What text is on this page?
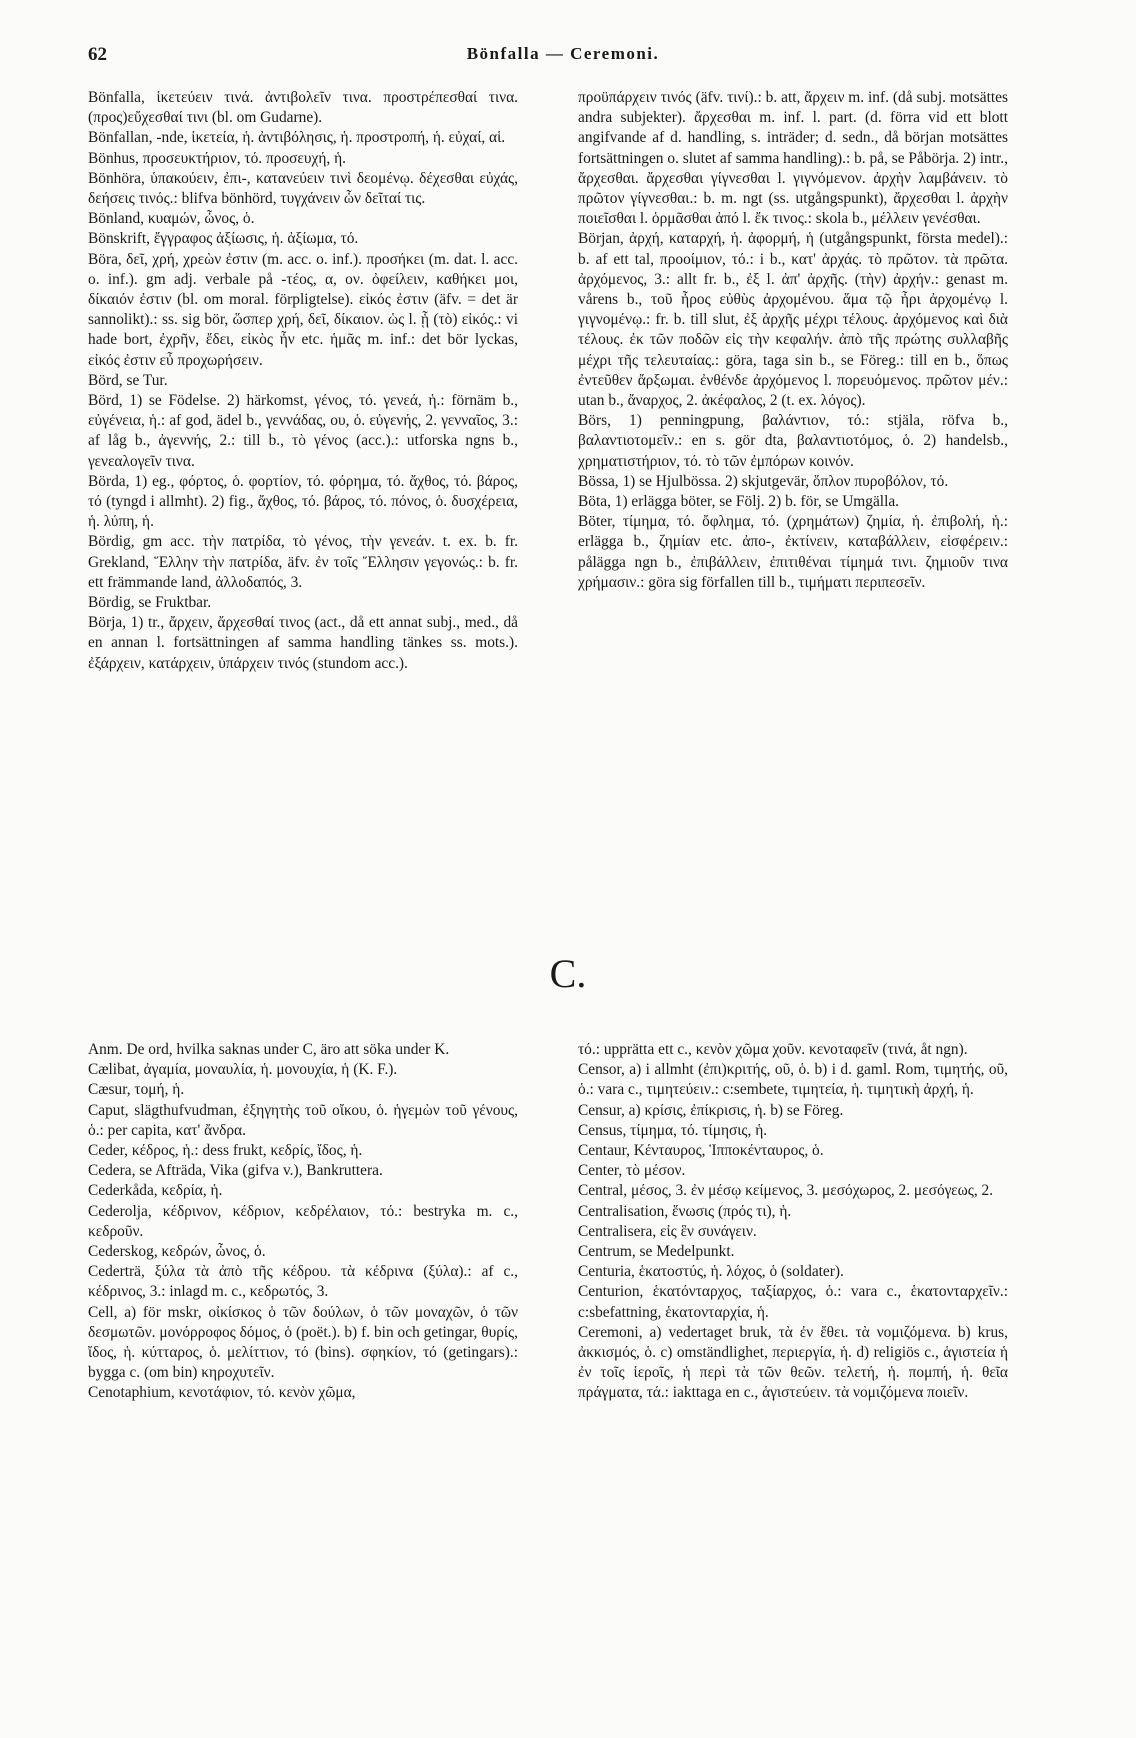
62	Bönfalla — Ceremoni.

Bönfalla, ἱκετεύειν τινά. ἀντιβολεῖν τινα. προστρέπεσθαί τινα. (προς)εὔχεσθαί τινι (bl. om Gudarne).

Bönfallan, -nde, ἱκετεία, ἡ. ἀντιβόλησις, ἡ. προστροπή, ἡ. εὐχαί, αἱ.

Bönhus, προσευκτήριον, τό. προσευχή, ἡ.

Bönhöra, ὑπακούειν, ἐπι-, κατανεύειν τινὶ δεομένῳ. δέχεσθαι εὐχάς, δεήσεις τινός.: blifva bönhörd, τυγχάνειν ὧν δεῖταί τις.

Bönland, κυαμών, ὦνος, ὁ.

Bönskrift, ἔγγραφος ἀξίωσις, ἡ. ἀξίωμα, τό.

Böra, δεῖ, χρή, χρεὼν ἐστιν (m. acc. o. inf.). προσήκει (m. dat. l. acc. o. inf.). gm adj. verbale på -τέος, α, ον. ὀφείλειν, καθήκει μοι, δίκαιόν ἐστιν (bl. om moral. förpligtelse). εἰκός ἐστιν (äfv. = det är sannolikt).: ss. sig bör, ὥσπερ χρή, δεῖ, δίκαιον. ὡς l. ᾗ (τὸ) εἰκός.: vi hade bort, ἐχρῆν, ἔδει, εἰκὸς ἦν etc. ἡμᾶς m. inf.: det bör lyckas, εἰκός ἐστιν εὖ προχωρήσειν.

Börd, se Tur.

Börd, 1) se Födelse. 2) härkomst, γένος, τό. γενεά, ἡ.: förnäm b., εὐγένεια, ἡ.: af god, ädel b., γεννάδας, ου, ὁ. εὐγενής, 2. γενναῖος, 3.: af låg b., ἀγεννής, 2.: till b., τὸ γένος (acc.).: utforska ngns b., γενεαλογεῖν τινα.

Börda, 1) eg., φόρτος, ὁ. φορτίον, τό. φόρημα, τό. ἄχθος, τό. βάρος, τό (tyngd i allmht). 2) fig., ἄχθος, τό. βάρος, τό. πόνος, ὁ. δυσχέρεια, ἡ. λύπη, ἡ.

Bördig, gm acc. τὴν πατρίδα, τὸ γένος, τὴν γενεάν. t. ex. b. fr. Grekland, Ἕλλην τὴν πατρίδα, äfv. ἐν τοῖς Ἕλλησιν γεγονώς.: b. fr. ett främmande land, ἀλλοδαπός, 3.

Bördig, se Fruktbar.

Börja, 1) tr., ἄρχειν, ἄρχεσθαί τινος (act., då ett annat subj., med., då en annan l. fortsättningen af samma handling tänkes ss. mots.). ἐξάρχειν, κατάρχειν, ὑπάρχειν τινός (stundom acc.).

προϋπάρχειν τινός (äfv. τινί).: b. att, ἄρχειν m. inf. (då subj. motsättes andra subjekter). ἄρχεσθαι m. inf. l. part. (d. förra vid ett blott angifvande af d. handling, s. inträder; d. sedn., då början motsättes fortsättningen o. slutet af samma handling).: b. på, se Påbörja. 2) intr., ἄρχεσθαι. ἄρχεσθαι γίγνεσθαι l. γιγνόμενον. ἀρχὴν λαμβάνειν. τὸ πρῶτον γίγνεσθαι.: b. m. ngt (ss. utgångspunkt), ἄρχεσθαι l. ἀρχὴν ποιεῖσθαι l. ὁρμᾶσθαι ἀπό l. ἔκ τινος.: skola b., μέλλειν γενέσθαι.

Början, ἀρχή, καταρχή, ἡ. ἀφορμή, ἡ (utgångspunkt, första medel).: b. af ett tal, προοίμιον, τό.: i b., κατ' ἀρχάς. τὸ πρῶτον. τὰ πρῶτα. ἀρχόμενος, 3.: allt fr. b., ἐξ l. ἀπ' ἀρχῆς. (τὴν) ἀρχήν.: genast m. vårens b., τοῦ ἦρος εὐθὺς ἀρχομένου. ἅμα τῷ ἦρι ἀρχομένῳ l. γιγνομένῳ.: fr. b. till slut, ἐξ ἀρχῆς μέχρι τέλους. ἀρχόμενος καὶ διὰ τέλους. ἐκ τῶν ποδῶν εἰς τὴν κεφαλήν. ἀπὸ τῆς πρώτης συλλαβῆς μέχρι τῆς τελευταίας.: göra, taga sin b., se Föreg.: till en b., ὅπως ἐντεῦθεν ἄρξωμαι. ἐνθένδε ἀρχόμενος l. πορευόμενος. πρῶτον μέν.: utan b., ἄναρχος, 2. ἀκέφαλος, 2 (t. ex. λόγος).

Börs, 1) penningpung, βαλάντιον, τό.: stjäla, röfva b., βαλαντιοτομεῖν.: en s. gör dta, βαλαντιοτόμος, ὁ. 2) handelsb., χρηματιστήριον, τό. τὸ τῶν ἐμπόρων κοινόν.

Bössa, 1) se Hjulbössa. 2) skjutgevär, ὅπλον πυροβόλον, τό.

Böta, 1) erlägga böter, se Följ. 2) b. för, se Umgälla.

Böter, τίμημα, τό. ὄφλημα, τό. (χρημάτων) ζημία, ἡ. ἐπιβολή, ἡ.: erlägga b., ζημίαν etc. ἀπο-, ἐκτίνειν, καταβάλλειν, εἰσφέρειν.: pålägga ngn b., ἐπιβάλλειν, ἐπιτιθέναι τίμημά τινι. ζημιοῦν τινα χρήμασιν.: göra sig förfallen till b., τιμήματι περιπεσεῖν.

C.

Anm. De ord, hvilka saknas under C, äro att söka under K.

Cælibat, ἀγαμία, μοναυλία, ἡ. μονουχία, ἡ (K. F.).

Cæsur, τομή, ἡ.

Caput, slägthufvudman, ἐξηγητὴς τοῦ οἴκου, ὁ. ἡγεμὼν τοῦ γένους, ὁ.: per capita, κατ' ἄνδρα.

Ceder, κέδρος, ἡ.: dess frukt, κεδρίς, ἴδος, ἡ.

Cedera, se Afträda, Vika (gifva v.), Bankruttera.

Cederkåda, κεδρία, ἡ.

Cederolja, κέδρινον, κέδριον, κεδρέλαιον, τό.: bestryka m. c., κεδροῦν.

Cederskog, κεδρών, ὦνος, ὁ.

Cederträ, ξύλα τὰ ἀπὸ τῆς κέδρου. τὰ κέδρινα (ξύλα).: af c., κέδρινος, 3.: inlagd m. c., κεδρωτός, 3.

Cell, a) för mskr, οἰκίσκος ὁ τῶν δούλων, ὁ τῶν μοναχῶν, ὁ τῶν δεσμωτῶν. μονόρροφος δόμος, ὁ (poët.). b) f. bin och getingar, θυρίς, ἴδος, ἡ. κύτταρος, ὁ. μελίττιον, τό (bins). σφηκίον, τό (getingars).: bygga c. (om bin) κηροχυτεῖν.

Cenotaphium, κενοτάφιον, τό. κενὸν χῶμα,

τό.: upprätta ett c., κενὸν χῶμα χοῦν. κενοταφεῖν (τινά, åt ngn).

Censor, a) i allmht (ἐπι)κριτής, οῦ, ὁ. b) i d. gaml. Rom, τιμητής, οῦ, ὁ.: vara c., τιμητεύειν.: c:sembete, τιμητεία, ἡ. τιμητικὴ ἀρχή, ἡ.

Censur, a) κρίσις, ἐπίκρισις, ἡ. b) se Föreg.

Census, τίμημα, τό. τίμησις, ἡ.

Centaur, Κένταυρος, Ἱπποκένταυρος, ὁ.

Center, τὸ μέσον.

Central, μέσος, 3. ἐν μέσῳ κείμενος, 3. μεσόχωρος, 2. μεσόγεως, 2.

Centralisation, ἕνωσις (πρός τι), ἡ.

Centralisera, εἰς ἓν συνάγειν.

Centrum, se Medelpunkt.

Centuria, ἑκατοστύς, ἡ. λόχος, ὁ (soldater).

Centurion, ἑκατόνταρχος, ταξίαρχος, ὁ.: vara c., ἑκατονταρχεῖν.: c:sbefattning, ἑκατονταρχία, ἡ.

Ceremoni, a) vedertaget bruk, τὰ ἐν ἔθει. τὰ νομιζόμενα. b) krus, ἀκκισμός, ὁ. c) omständlighet, περιεργία, ἡ. d) religiös c., ἁγιστεία ἡ ἐν τοῖς ἱεροῖς, ἡ περὶ τὰ τῶν θεῶν. τελετή, ἡ. πομπή, ἡ. θεῖα πράγματα, τά.: iakttaga en c., ἁγιστεύειν. τὰ νομιζόμενα ποιεῖν.
